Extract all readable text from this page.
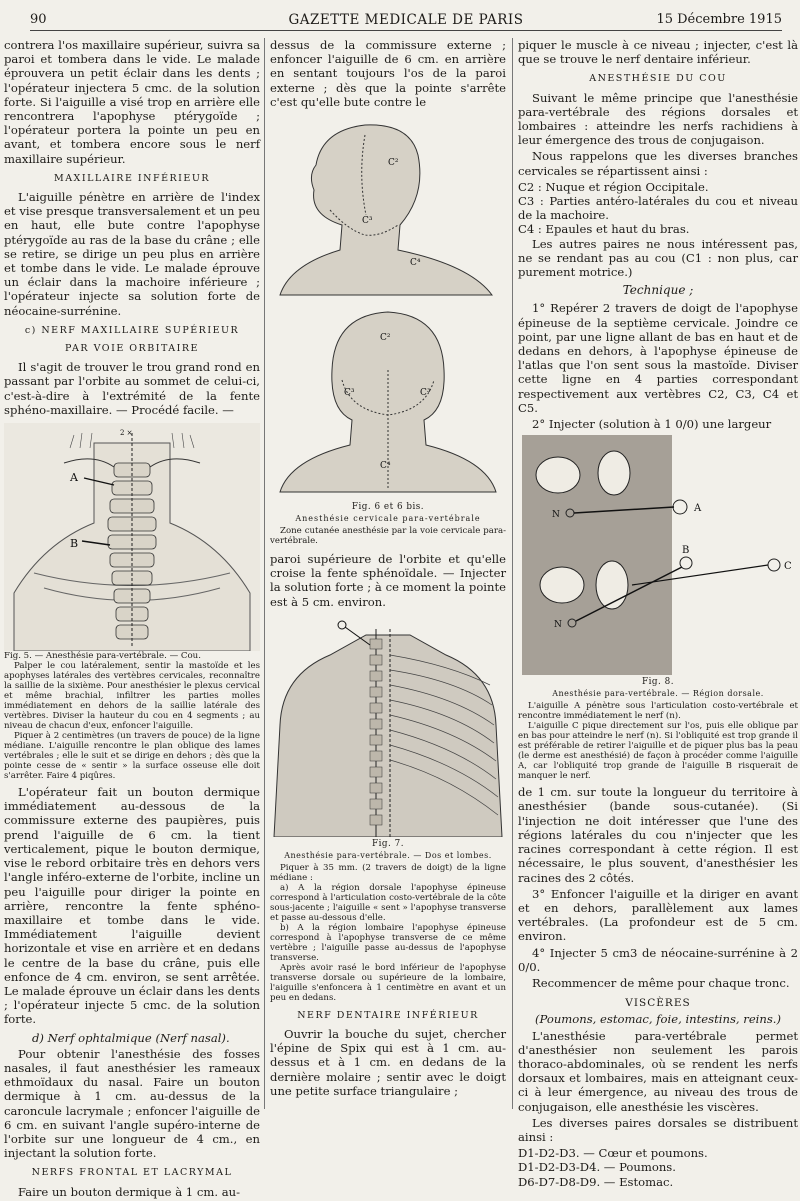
90	GAZETTE MEDICALE DE PARIS	15 Décembre 1915

contrera l'os maxillaire supérieur, suivra sa paroi et tombera dans le vide. Le malade éprouvera un petit éclair dans les dents ; l'opérateur injectera 5 cmc. de la solution forte. Si l'aiguille a visé trop en arrière elle rencontrera l'apophyse ptérygoïde ; l'opérateur portera la pointe un peu en avant, et tombera encore sous le nerf maxillaire supérieur.

MAXILLAIRE INFÉRIEUR

L'aiguille pénètre en arrière de l'index et vise presque transversalement et un peu en haut, elle bute contre l'apophyse ptérygoïde au ras de la base du crâne ; elle se retire, se dirige un peu plus en arrière et tombe dans le vide. Le malade éprouve un éclair dans la machoire inférieure ; l'opérateur injecte sa solution forte de néocaine-surrénine.

c) NERF MAXILLAIRE SUPÉRIEUR
PAR VOIE ORBITAIRE

Il s'agit de trouver le trou grand rond en passant par l'orbite au sommet de celui-ci, c'est-à-dire à l'extrémité de la fente sphéno-maxillaire. — Procédé facile. —

A
B
2 ×

Fig. 5. — Anesthésie para-vertébrale. — Cou.

Palper le cou latéralement, sentir la mastoïde et les apophyses latérales des vertèbres cervicales, reconnaître la saillie de la sixième. Pour anesthésier le plexus cervical et même brachial, infiltrer les parties molles immédiatement en dehors de la saillie latérale des vertèbres. Diviser la hauteur du cou en 4 segments ; au niveau de chacun d'eux, enfoncer l'aiguille.

Piquer à 2 centimètres (un travers de pouce) de la ligne médiane. L'aiguille rencontre le plan oblique des lames vertébrales ; elle le suit et se dirige en dehors ; dès que la pointe cesse de « sentir » la surface osseuse elle doit s'arrêter. Faire 4 piqûres.

L'opérateur fait un bouton dermique immédiatement au-dessous de la commissure externe des paupières, puis prend l'aiguille de 6 cm. la tient verticalement, pique le bouton dermique, vise le rebord orbitaire très en dehors vers l'angle inféro-externe de l'orbite, incline un peu l'aiguille pour diriger la pointe en arrière, rencontre la fente sphéno-maxillaire et tombe dans le vide. Immédiatement l'aiguille devient horizontale et vise en arrière et en dedans le centre de la base du crâne, puis elle enfonce de 4 cm. environ, se sent arrêtée. Le malade éprouve un éclair dans les dents ; l'opérateur injecte 5 cmc. de la solution forte.

d) Nerf ophtalmique (Nerf nasal).

Pour obtenir l'anesthésie des fosses nasales, il faut anesthésier les rameaux ethmoïdaux du nasal. Faire un bouton dermique à 1 cm. au-dessus de la caroncule lacrymale ; enfoncer l'aiguille de 6 cm. en suivant l'angle supéro-interne de l'orbite sur une longueur de 4 cm., en injectant la solution forte.

NERFS FRONTAL ET LACRYMAL

Faire un bouton dermique à 1 cm. au-

dessus de la commissure externe ; enfoncer l'aiguille de 6 cm. en arrière en sentant toujours l'os de la paroi externe ; dès que la pointe s'arrête c'est qu'elle bute contre le

C²
C³
C⁴
C²
C³	C³
C⁴
Fig. 6 et 6 bis.
Anesthésie cervicale para-vertébrale

Zone cutanée anesthésie par la voie cervicale para-vertébrale.

paroi supérieure de l'orbite et qu'elle croise la fente sphénoïdale. — Injecter la solution forte ; à ce moment la pointe est à 5 cm. environ.

Fig. 7.
Anesthésie para-vertébrale. — Dos et lombes.

Piquer à 35 mm. (2 travers de doigt) de la ligne médiane :

a) A la région dorsale l'apophyse épineuse correspond à l'articulation costo-vertébrale de la côte sous-jacente ; l'aiguille « sent » l'apophyse transverse et passe au-dessous d'elle.

b) A la région lombaire l'apophyse épineuse correspond à l'apophyse transverse de ce même vertèbre ; l'aiguille passe au-dessus de l'apophyse transverse.

Après avoir rasé le bord inférieur de l'apophyse transverse dorsale ou supérieure de la lombaire, l'aiguille s'enfoncera à 1 centimètre en avant et un peu en dedans.

NERF DENTAIRE INFÉRIEUR

Ouvrir la bouche du sujet, chercher l'épine de Spix qui est à 1 cm. au-dessus et à 1 cm. en dedans de la dernière molaire ; sentir avec le doigt une petite surface triangulaire ;

piquer le muscle à ce niveau ; injecter, c'est là que se trouve le nerf dentaire inférieur.

ANESTHÉSIE DU COU

Suivant le même principe que l'anesthésie para-vertébrale des régions dorsales et lombaires : atteindre les nerfs rachidiens à leur émergence des trous de conjugaison.

Nous rappelons que les diverses branches cervicales se répartissent ainsi :

C2 : Nuque et région Occipitale.
C3 : Parties antéro-latérales du cou et niveau de la machoire.
C4 : Epaules et haut du bras.

Les autres paires ne nous intéressent pas, ne se rendant pas au cou (C1 : non plus, car purement motrice.)

Technique ;

1° Repérer 2 travers de doigt de l'apophyse épineuse de la septième cervicale. Joindre ce point, par une ligne allant de bas en haut et de dedans en dehors, à l'apophyse épineuse de l'atlas que l'on sent sous la mastoïde. Diviser cette ligne en 4 parties correspondant respectivement aux vertèbres C2, C3, C4 et C5.

2° Injecter (solution à 1 0/0) une largeur

A
B
C
N
N
Fig. 8.
Anesthésie para-vertébrale. — Région dorsale.

L'aiguille A pénètre sous l'articulation costo-vertébrale et rencontre immédiatement le nerf (n).

L'aiguille C pique directement sur l'os, puis elle oblique par en bas pour atteindre le nerf (n). Si l'obliquité est trop grande il est préférable de retirer l'aiguille et de piquer plus bas la peau (le derme est anesthésié) de façon à procéder comme l'aiguille A, car l'obliquité trop grande de l'aiguille B risquerait de manquer le nerf.

de 1 cm. sur toute la longueur du territoire à anesthésier (bande sous-cutanée). (Si l'injection ne doit intéresser que l'une des régions latérales du cou n'injecter que les racines correspondant à cette région. Il est nécessaire, le plus souvent, d'anesthésier les racines des 2 côtés.

3° Enfoncer l'aiguille et la diriger en avant et en dehors, parallèlement aux lames vertébrales. (La profondeur est de 5 cm. environ.

4° Injecter 5 cm3 de néocaine-surrénine à 2 0/0.

Recommencer de même pour chaque tronc.

VISCÈRES

(Poumons, estomac, foie, intestins, reins.)

L'anesthésie para-vertébrale permet d'anesthésier non seulement les parois thoraco-abdominales, où se rendent les nerfs dorsaux et lombaires, mais en atteignant ceux-ci à leur émergence, au niveau des trous de conjugaison, elle anesthésie les viscères.

Les diverses paires dorsales se distribuent ainsi :

D1-D2-D3. — Cœur et poumons.
D1-D2-D3-D4. — Poumons.
D6-D7-D8-D9. — Estomac.
